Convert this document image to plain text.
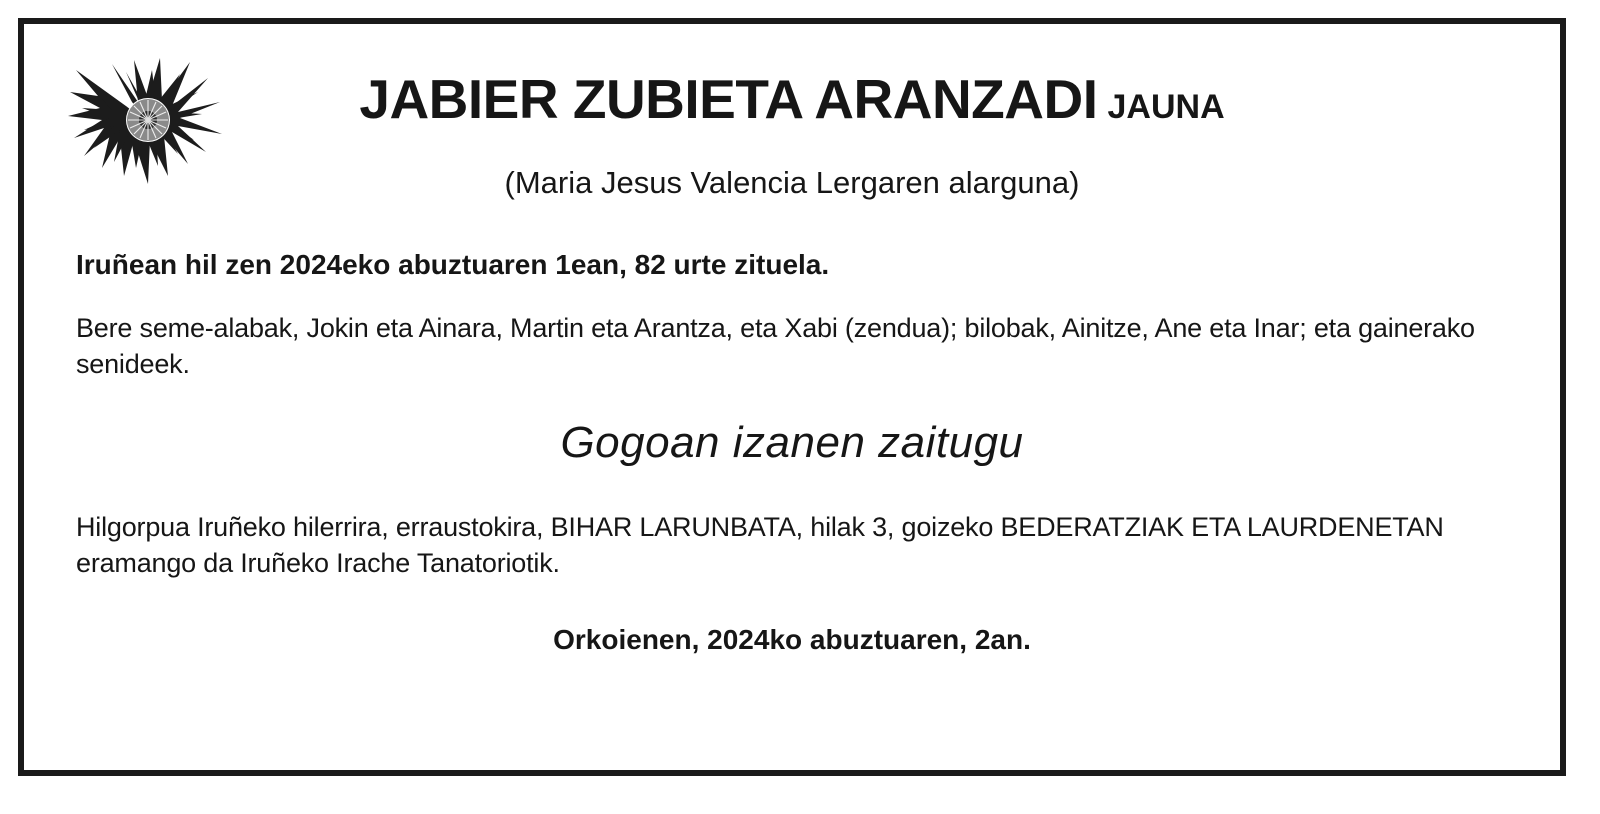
JABIER ZUBIETA ARANZADI JAUNA
(Maria Jesus Valencia Lergaren alarguna)
Iruñean hil zen 2024eko abuztuaren 1ean, 82 urte zituela.
Bere seme-alabak, Jokin eta Ainara, Martin eta Arantza, eta Xabi (zendua); bilobak, Ainitze, Ane eta Inar; eta gainerako senideek.
Gogoan izanen zaitugu
Hilgorpua Iruñeko hilerrira, erraustokira, BIHAR LARUNBATA, hilak 3, goizeko BEDERATZIAK ETA LAURDENETAN eramango da Iruñeko Irache Tanatoriotik.
Orkoienen, 2024ko abuztuaren, 2an.
